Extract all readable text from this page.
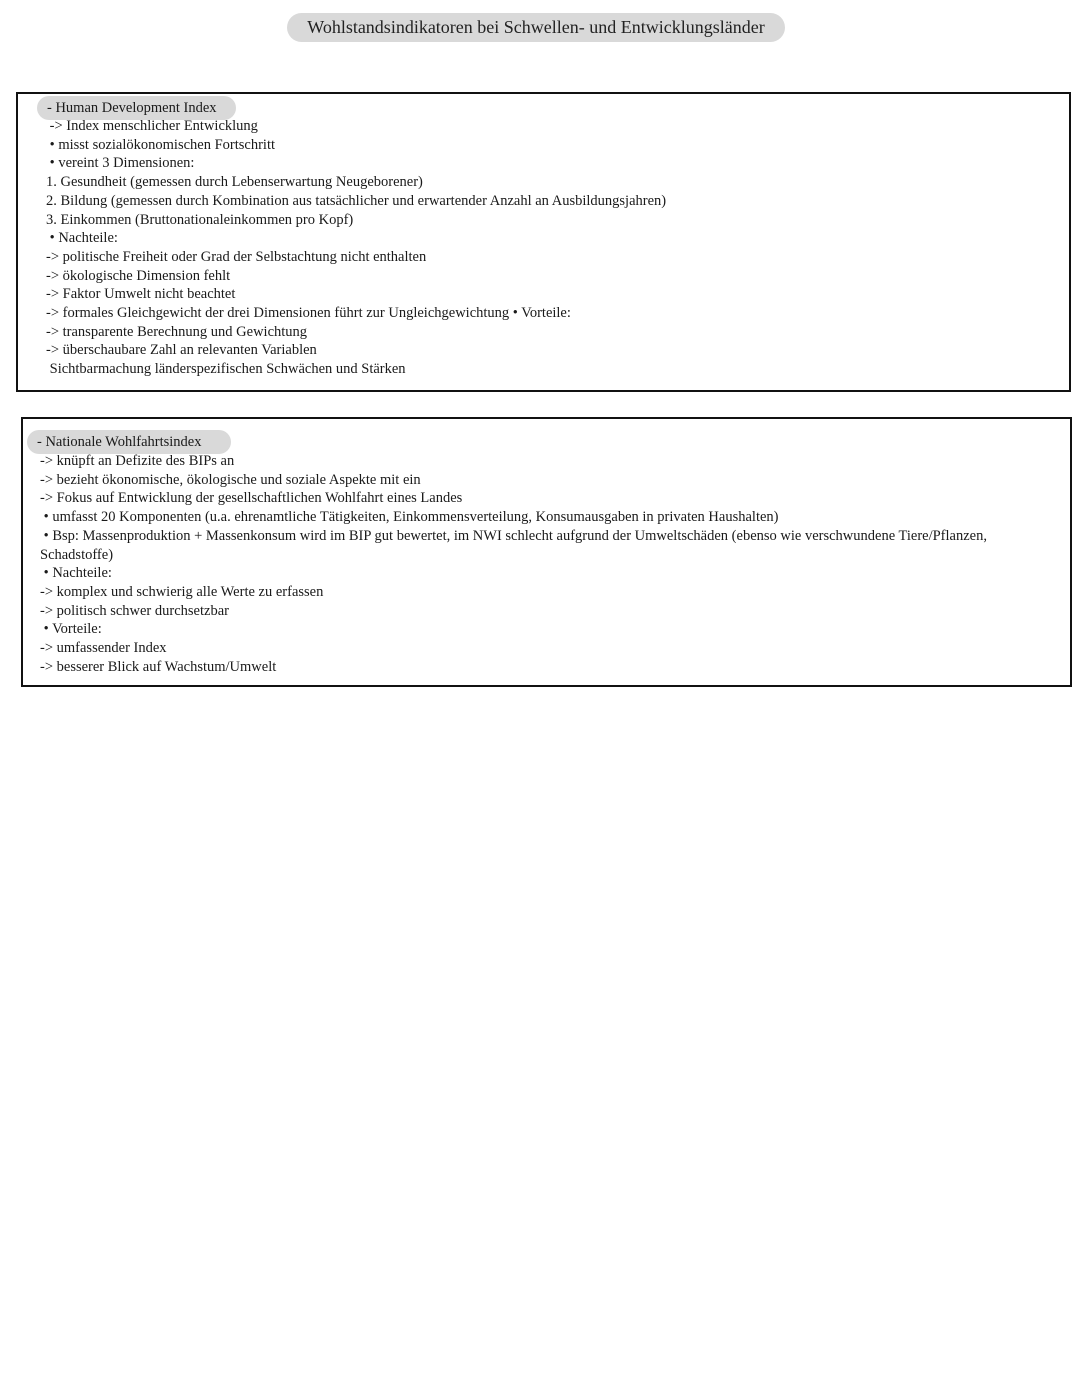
Wohlstandsindikatoren bei Schwellen- und Entwicklungsländer
- Human Development Index
-> Index menschlicher Entwicklung
• misst sozialökonomischen Fortschritt
• vereint 3 Dimensionen:
1. Gesundheit (gemessen durch Lebenserwartung Neugeborener)
2. Bildung (gemessen durch Kombination aus tatsächlicher und erwartender Anzahl an Ausbildungsjahren)
3. Einkommen (Bruttonationaleinkommen pro Kopf)
• Nachteile:
-> politische Freiheit oder Grad der Selbstachtung nicht enthalten
-> ökologische Dimension fehlt
-> Faktor Umwelt nicht beachtet
-> formales Gleichgewicht der drei Dimensionen führt zur Ungleichgewichtung • Vorteile:
-> transparente Berechnung und Gewichtung
-> überschaubare Zahl an relevanten Variablen
Sichtbarmachung länderspezifischen Schwächen und Stärken
- Nationale Wohlfahrtsindex
-> knüpft an Defizite des BIPs an
-> bezieht ökonomische, ökologische und soziale Aspekte mit ein
-> Fokus auf Entwicklung der gesellschaftlichen Wohlfahrt eines Landes
• umfasst 20 Komponenten (u.a. ehrenamtliche Tätigkeiten, Einkommensverteilung, Konsumausgaben in privaten Haushalten)
• Bsp: Massenproduktion + Massenkonsum wird im BIP gut bewertet, im NWI schlecht aufgrund der Umweltschäden (ebenso wie verschwundene Tiere/Pflanzen,
Schadstoffe)
• Nachteile:
-> komplex und schwierig alle Werte zu erfassen
-> politisch schwer durchsetzbar
• Vorteile:
-> umfassender Index
-> besserer Blick auf Wachstum/Umwelt
